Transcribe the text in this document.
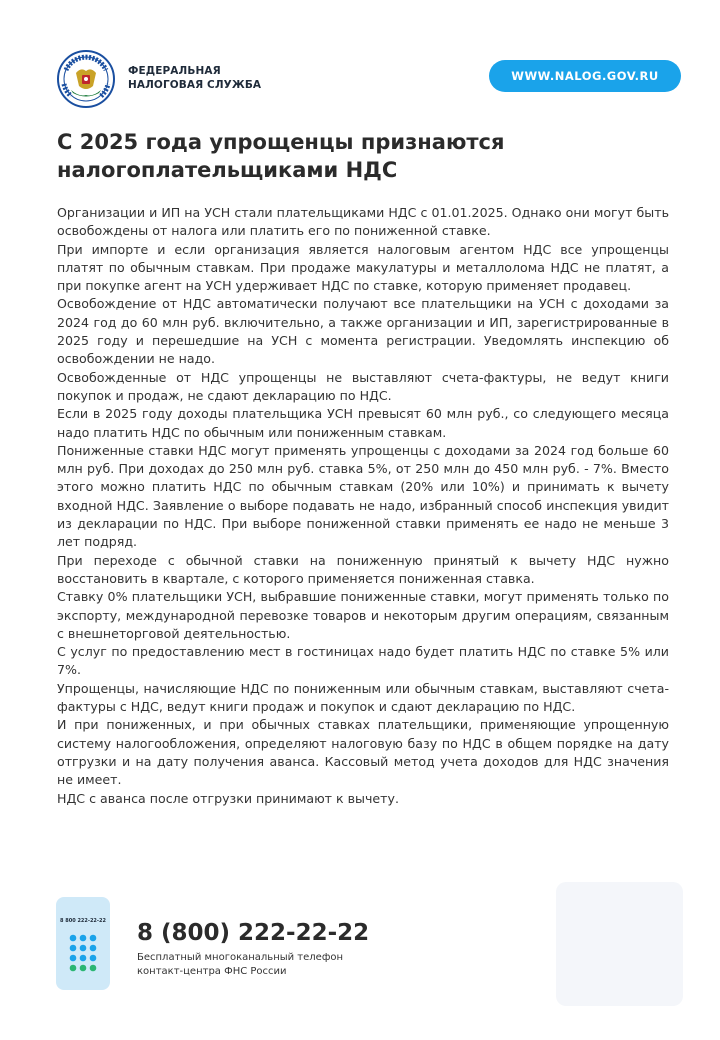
ФЕДЕРАЛЬНАЯ
НАЛОГОВАЯ СЛУЖБА
WWW.NALOG.GOV.RU
С 2025 года упрощенцы признаются налогоплательщиками НДС

Организации и ИП на УСН стали плательщиками НДС с 01.01.2025. Однако они могут быть освобождены от налога или платить его по пониженной ставке.

При импорте и если организация является налоговым агентом НДС все упрощенцы платят по обычным ставкам. При продаже макулатуры и металлолома НДС не платят, а при покупке агент на УСН удерживает НДС по ставке, которую применяет продавец.

Освобождение от НДС автоматически получают все плательщики на УСН с доходами за 2024 год до 60 млн руб. включительно, а также организации и ИП, зарегистрированные в 2025 году и перешедшие на УСН с момента регистрации. Уведомлять инспекцию об освобождении не надо.

Освобожденные от НДС упрощенцы не выставляют счета-фактуры, не ведут книги покупок и продаж, не сдают декларацию по НДС.

Если в 2025 году доходы плательщика УСН превысят 60 млн руб., со следующего месяца надо платить НДС по обычным или пониженным ставкам.

Пониженные ставки НДС могут применять упрощенцы с доходами за 2024 год больше 60 млн руб. При доходах до 250 млн руб. ставка 5%, от 250 млн до 450 млн руб. - 7%. Вместо этого можно платить НДС по обычным ставкам (20% или 10%) и принимать к вычету входной НДС. Заявление о выборе подавать не надо, избранный способ инспекция увидит из декларации по НДС. При выборе пониженной ставки применять ее надо не меньше 3 лет подряд.

При переходе с обычной ставки на пониженную принятый к вычету НДС нужно восстановить в квартале, с которого применяется пониженная ставка.

Ставку 0% плательщики УСН, выбравшие пониженные ставки, могут применять только по экспорту, международной перевозке товаров и некоторым другим операциям, связанным с внешнеторговой деятельностью.

С услуг по предоставлению мест в гостиницах надо будет платить НДС по ставке 5% или 7%.

Упрощенцы, начисляющие НДС по пониженным или обычным ставкам, выставляют счета-фактуры с НДС, ведут книги продаж и покупок и сдают декларацию по НДС.

И при пониженных, и при обычных ставках плательщики, применяющие упрощенную систему налогообложения, определяют налоговую базу по НДС в общем порядке на дату отгрузки и на дату получения аванса. Кассовый метод учета доходов для НДС значения не имеет.

НДС с аванса после отгрузки принимают к вычету.

8 800 222-22-22 8 (800) 222-22-22
Бесплатный многоканальный телефон
контакт-центра ФНС России
